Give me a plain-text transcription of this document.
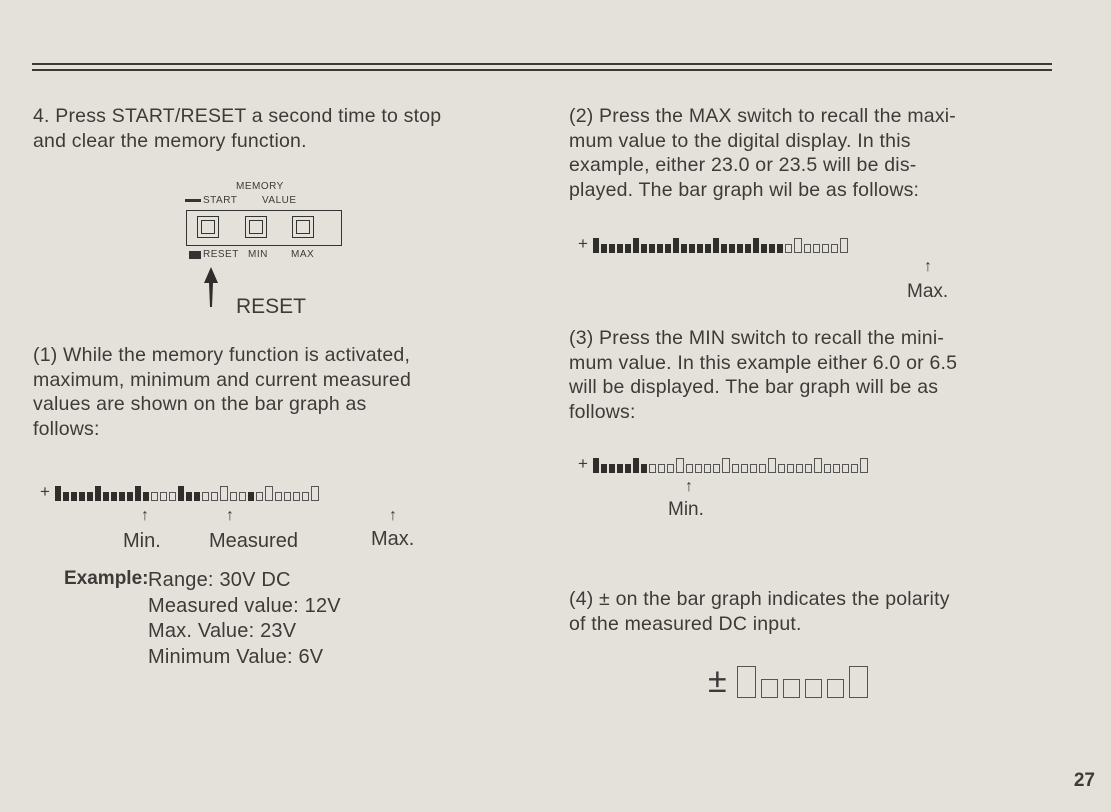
4. Press START/RESET a second time to stop
and clear the memory function.
MEMORY
START VALUE
RESET MIN MAX
RESET
(1) While the memory function is activated,
maximum, minimum and current measured
values are shown on the bar graph as
follows:
+
↑	↑	↑
Min. Measured	Max.
Example: Range: 30V DC
Measured value: 12V
Max. Value: 23V
Minimum Value: 6V
(2) Press the MAX switch to recall the maxi-
mum value to the digital display. In this
example, either 23.0 or 23.5 will be dis-
played. The bar graph wil be as follows:
+
↑
Max.
(3) Press the MIN switch to recall the mini-
mum value. In this example either 6.0 or 6.5
will be displayed. The bar graph will be as
follows:
+
↑
Min.
(4) ± on the bar graph indicates the polarity
of the measured DC input.
±
27
